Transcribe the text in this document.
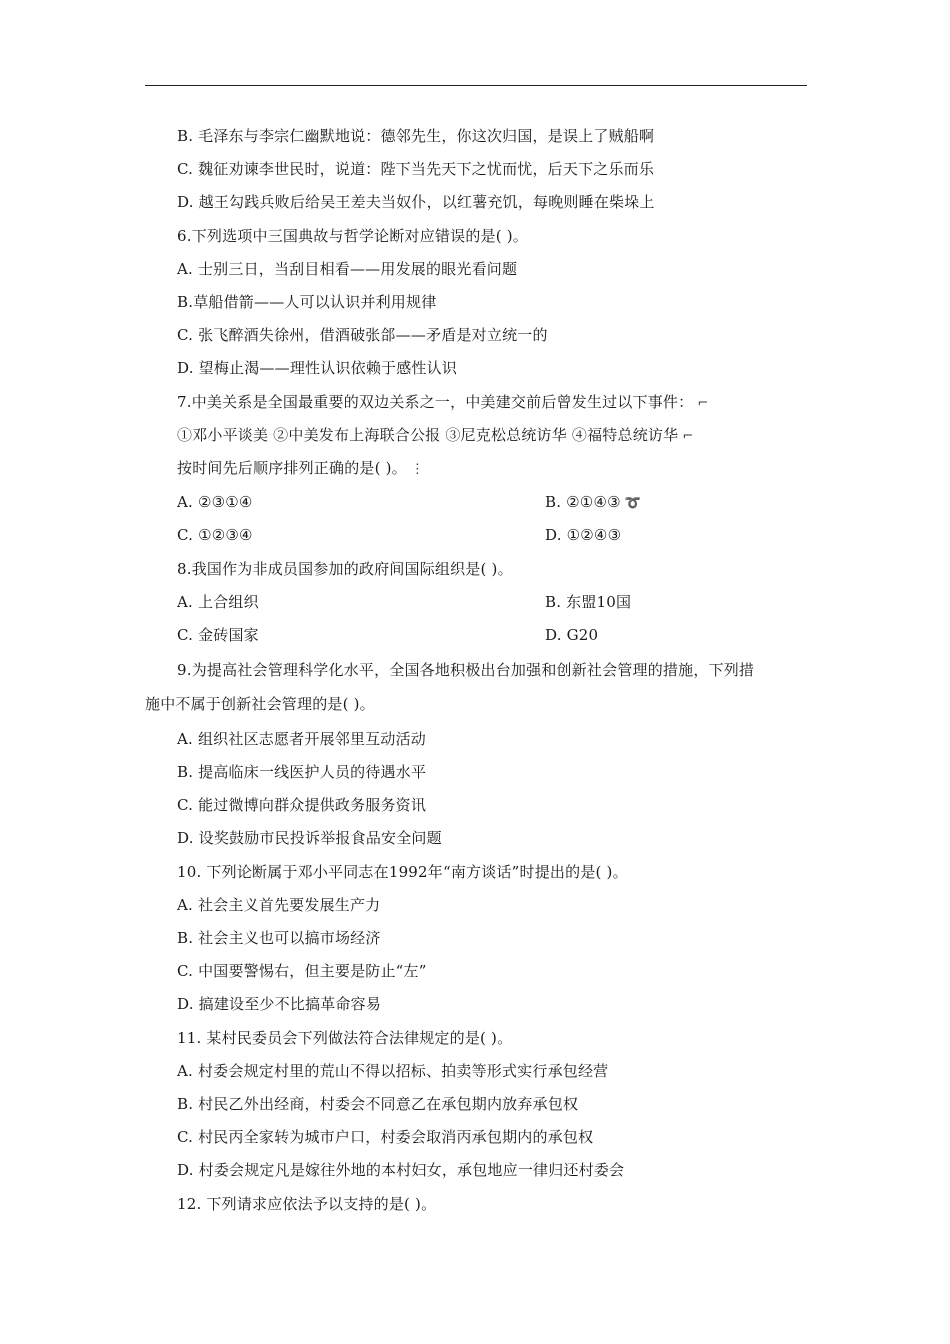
B. 毛泽东与李宗仁幽默地说：德邻先生，你这次归国，是误上了贼船啊
C. 魏征劝谏李世民时，说道：陛下当先天下之忧而忧，后天下之乐而乐
D. 越王勾践兵败后给吴王差夫当奴仆，以红薯充饥，每晚则睡在柴垛上
6.下列选项中三国典故与哲学论断对应错误的是( )。
A. 士别三日，当刮目相看——用发展的眼光看问题
B.草船借箭——人可以认识并利用规律
C. 张飞醉酒失徐州，借酒破张郃——矛盾是对立统一的
D. 望梅止渴——理性认识依赖于感性认识
7.中美关系是全国最重要的双边关系之一，中美建交前后曾发生过以下事件： ⌐
①邓小平谈美 ②中美发布上海联合公报 ③尼克松总统访华 ④福特总统访华 ⌐
按时间先后顺序排列正确的是( )。 ⋮
A. ②③①④	B. ②①④③ ➰
C. ①②③④	D. ①②④③
8.我国作为非成员国参加的政府间国际组织是( )。
A. 上合组织	B. 东盟10国
C. 金砖国家	D. G20
9.为提高社会管理科学化水平，全国各地积极出台加强和创新社会管理的措施，下列措
施中不属于创新社会管理的是( )。
A. 组织社区志愿者开展邻里互动活动
B. 提高临床一线医护人员的待遇水平
C. 能过微博向群众提供政务服务资讯
D. 设奖鼓励市民投诉举报食品安全问题
10. 下列论断属于邓小平同志在1992年“南方谈话”时提出的是( )。
A. 社会主义首先要发展生产力
B. 社会主义也可以搞市场经济
C. 中国要警惕右，但主要是防止“左”
D. 搞建设至少不比搞革命容易
11. 某村民委员会下列做法符合法律规定的是( )。
A. 村委会规定村里的荒山不得以招标、拍卖等形式实行承包经营
B. 村民乙外出经商，村委会不同意乙在承包期内放弃承包权
C. 村民丙全家转为城市户口，村委会取消丙承包期内的承包权
D. 村委会规定凡是嫁往外地的本村妇女，承包地应一律归还村委会
12. 下列请求应依法予以支持的是( )。
